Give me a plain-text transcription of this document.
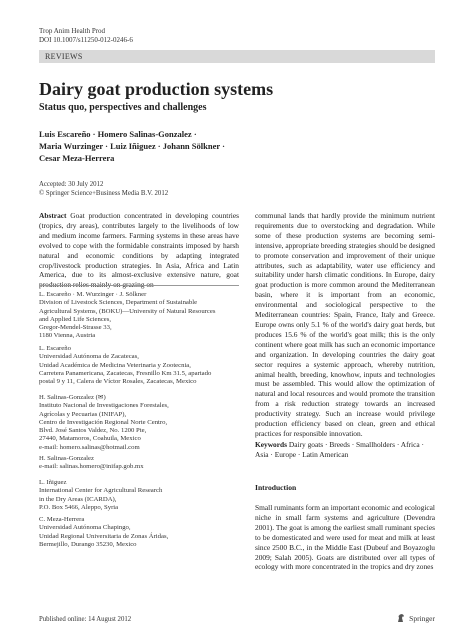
Trop Anim Health Prod
DOI 10.1007/s11250-012-0246-6
REVIEWS
Dairy goat production systems
Status quo, perspectives and challenges
Luis Escareño · Homero Salinas-Gonzalez ·
Maria Wurzinger · Luiz Iñiguez · Johann Sölkner ·
Cesar Meza-Herrera
Accepted: 30 July 2012
© Springer Science+Business Media B.V. 2012
Abstract Goat production concentrated in developing countries (tropics, dry areas), contributes largely to the livelihoods of low and medium income farmers. Farming systems in these areas have evolved to cope with the formidable constraints imposed by harsh natural and economic conditions by adapting integrated crop/livestock production strategies. In Asia, Africa and Latin America, due to its almost-exclusive extensive nature, goat production relies mainly on grazing on
L. Escareño · M. Wurzinger · J. Sölkner
Division of Livestock Sciences, Department of Sustainable
Agricultural Systems, (BOKU)—University of Natural Resources
and Applied Life Sciences,
Gregor-Mendel-Strasse 33,
1180 Vienna, Austria
L. Escareño
Universidad Autónoma de Zacatecas,
Unidad Académica de Medicina Veterinaria y Zootecnia,
Carretera Panamericana, Zacatecas, Fresnillo Km 31.5, apartado
postal 9 y 11, Calera de Víctor Rosales, Zacatecas, Mexico
H. Salinas-Gonzalez (✉)
Instituto Nacional de Investigaciones Forestales,
Agrícolas y Pecuarias (INIFAP),
Centro de Investigación Regional Norte Centro,
Blvd. José Santos Valdez, No. 1200 Pte,
27440, Matamoros, Coahuila, Mexico
e-mail: homero.salinas@hotmail.com
H. Salinas-Gonzalez
e-mail: salinas.homero@inifap.gob.mx
L. Iñiguez
International Center for Agricultural Research
in the Dry Areas (ICARDA),
P.O. Box 5466, Aleppo, Syria
C. Meza-Herrera
Universidad Autónoma Chapingo,
Unidad Regional Universitaria de Zonas Áridas,
Bermejillo, Durango 35230, Mexico
communal lands that hardly provide the minimum nutrient requirements due to overstocking and degradation. While some of these production systems are becoming semi-intensive, appropriate breeding strategies should be designed to promote conservation and improvement of their unique attributes, such as adaptability, water use efficiency and suitability under harsh climatic conditions. In Europe, dairy goat production is more common around the Mediterranean basin, where it is important from an economic, environmental and sociological perspective to the Mediterranean countries: Spain, France, Italy and Greece. Europe owns only 5.1 % of the world's dairy goat herds, but produces 15.6 % of the world's goat milk; this is the only continent where goat milk has such an economic importance and organization. In developing countries the dairy goat sector requires a systemic approach, whereby nutrition, animal health, breeding, knowhow, inputs and technologies must be assembled. This would allow the optimization of natural and local resources and would promote the transition from a risk reduction strategy towards an increased productivity strategy. Such an increase would privilege production efficiency based on clean, green and ethical practices for responsible innovation.
Keywords Dairy goats · Breeds · Smallholders · Africa · Asia · Europe · Latin American
Introduction
Small ruminants form an important economic and ecological niche in small farm systems and agriculture (Devendra 2001). The goat is among the earliest small ruminant species to be domesticated and were used for meat and milk at least since 2500 B.C., in the Middle East (Dubeuf and Boyazoglu 2009; Salah 2005). Goats are distributed over all types of ecology with more concentrated in the tropics and dry zones
Published online: 14 August 2012	Springer
